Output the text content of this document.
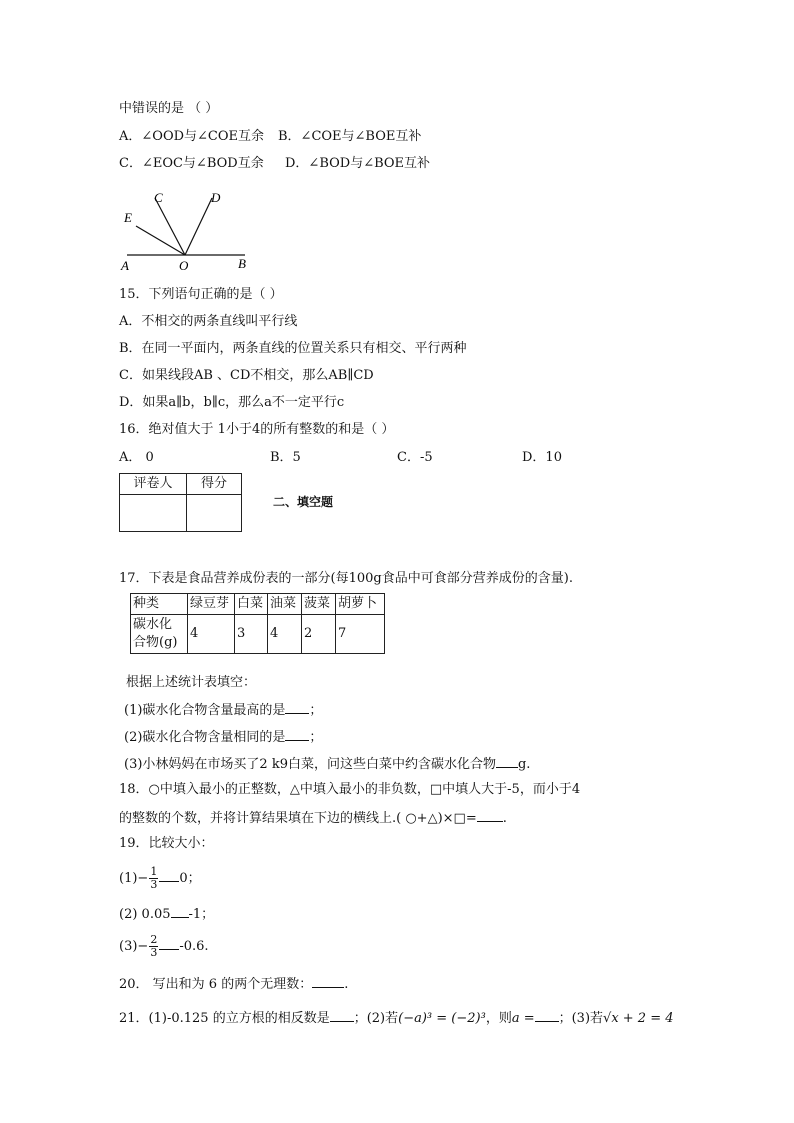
中错误的是 （ ）
A．∠OOD与∠COE互余 B．∠COE与∠BOE互补
C．∠EOC与∠BOD互余 D．∠BOD与∠BOE互补
C	D
E
A	O	B
15．下列语句正确的是（ ）
A．不相交的两条直线叫平行线
B．在同一平面内，两条直线的位置关系只有相交、平行两种
C．如果线段AB 、CD不相交，那么AB∥CD
D．如果a∥b，b∥c，那么a不一定平行c
16．绝对值大于 1小于4的所有整数的和是（ ）
A． 0	B．5	C．-5	D．10
评卷人	得分

二、填空题
17．下表是食品营养成份表的一部分(每100g食品中可食部分营养成份的含量).
种类	绿豆芽	白菜	油菜	菠菜	胡萝卜

碳水化
合物(g)	4	3	4	2	7
根据上述统计表填空：
(1)碳水化合物含量最高的是 ；
(2)碳水化合物含量相同的是 ；
(3)小林妈妈在市场买了2 k9白菜，问这些白菜中约含碳水化合物 g.
18．○中填入最小的正整数，△中填入最小的非负数，□中填人大于-5，而小于4
的整数的个数，并将计算结果填在下边的横线上.( ○+△)×□= .
19．比较大小：
$(1)- \frac{1}{3} 0$；
(2) 0.05 -1；
$(3)- \frac{2}{3} -0.6$.
20． 写出和为 6 的两个无理数： .
21．(1)-0.125 的立方根的相反数是 ；(2)若(−a)³ = (−2)³，则a = ；(3)若√x + 2 = 4
